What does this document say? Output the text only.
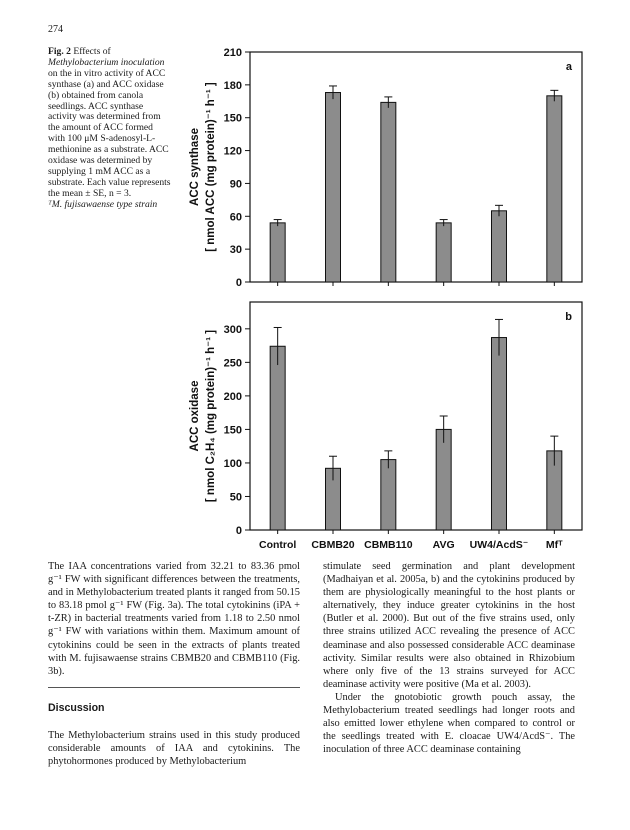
274
Fig. 2 Effects of
Methylobacterium inoculation
on the in vitro activity of ACC
synthase (a) and ACC oxidase
(b) obtained from canola
seedlings. ACC synthase
activity was determined from
the amount of ACC formed
with 100 μM S-adenosyl-L-
methionine as a substrate. ACC
oxidase was determined by
supplying 1 mM ACC as a
substrate. Each value represents
the mean ± SE, n = 3.
ᵀM. fujisawaense type strain
0
30
60
90
120
150
180
210
a
ACC synthase [ nmol ACC (mg protein)⁻¹ h⁻¹ ]
0
50
100
150
200
250
300
Control CBMB20 CBMB110 AVG UW4/AcdS⁻ Mfᵀ
b
ACC oxidase [ nmol C₂H₄ (mg protein)⁻¹ h⁻¹ ]

The IAA concentrations varied from 32.21 to 83.36 pmol g⁻¹ FW with significant differences between the treatments, and in Methylobacterium treated plants it ranged from 50.15 to 83.18 pmol g⁻¹ FW (Fig. 3a). The total cytokinins (iPA + t-ZR) in bacterial treatments varied from 1.18 to 2.50 nmol g⁻¹ FW with variations within them. Maximum amount of cytokinins could be seen in the extracts of plants treated with M. fujisawaense strains CBMB20 and CBMB110 (Fig. 3b).

Discussion

The Methylobacterium strains used in this study produced considerable amounts of IAA and cytokinins. The phytohormones produced by Methylobacterium

stimulate seed germination and plant development (Madhaiyan et al. 2005a, b) and the cytokinins produced by them are physiologically meaningful to the host plants or alternatively, they induce greater cytokinins in the host (Butler et al. 2000). But out of the five strains used, only three strains utilized ACC revealing the presence of ACC deaminase and also possessed considerable ACC deaminase activity. Similar results were also obtained in Rhizobium where only five of the 13 strains surveyed for ACC deaminase activity were positive (Ma et al. 2003).

Under the gnotobiotic growth pouch assay, the Methylobacterium treated seedlings had longer roots and also emitted lower ethylene when compared to control or the seedlings treated with E. cloacae UW4/AcdS⁻. The inoculation of three ACC deaminase containing
